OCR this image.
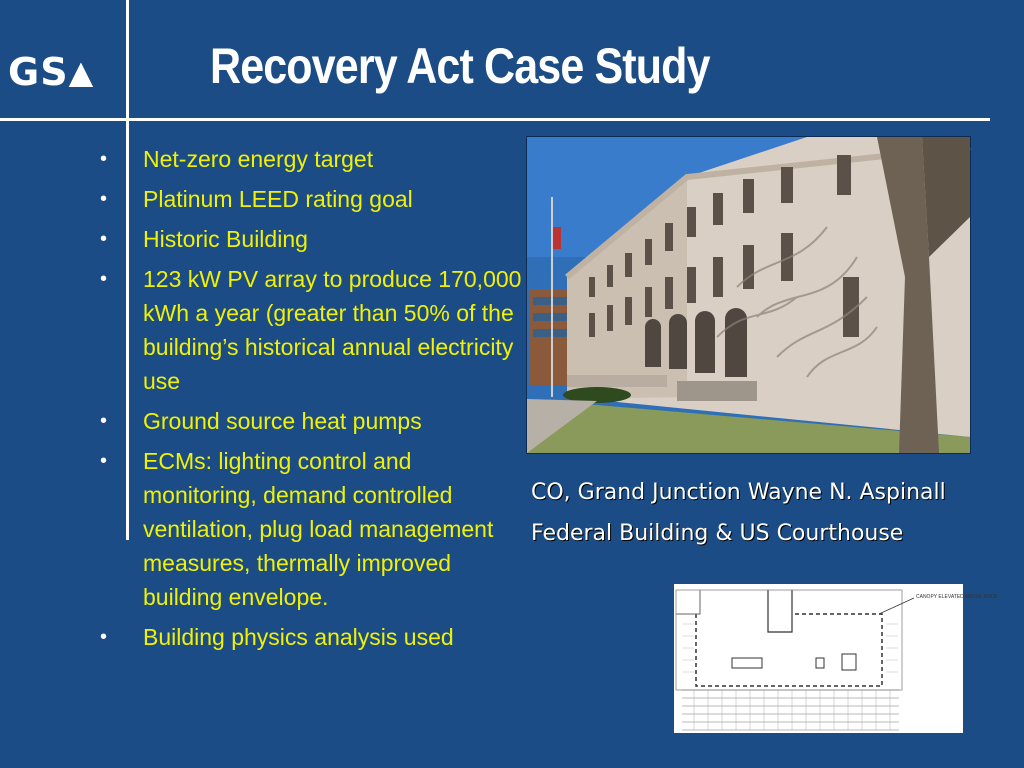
GS▲ Recovery Act Case Study
• Net-zero energy target
• Platinum LEED rating goal
• Historic Building
• 123 kW PV array to produce 170,000 kWh a year (greater than 50% of the building’s historical annual electricity use
• Ground source heat pumps
• ECMs: lighting control and monitoring, demand controlled ventilation, plug load management measures, thermally improved building envelope.
• Building physics analysis used
CO, Grand Junction Wayne N. Aspinall Federal Building & US Courthouse
CANOPY ELEVATED ABOVE ROOF
